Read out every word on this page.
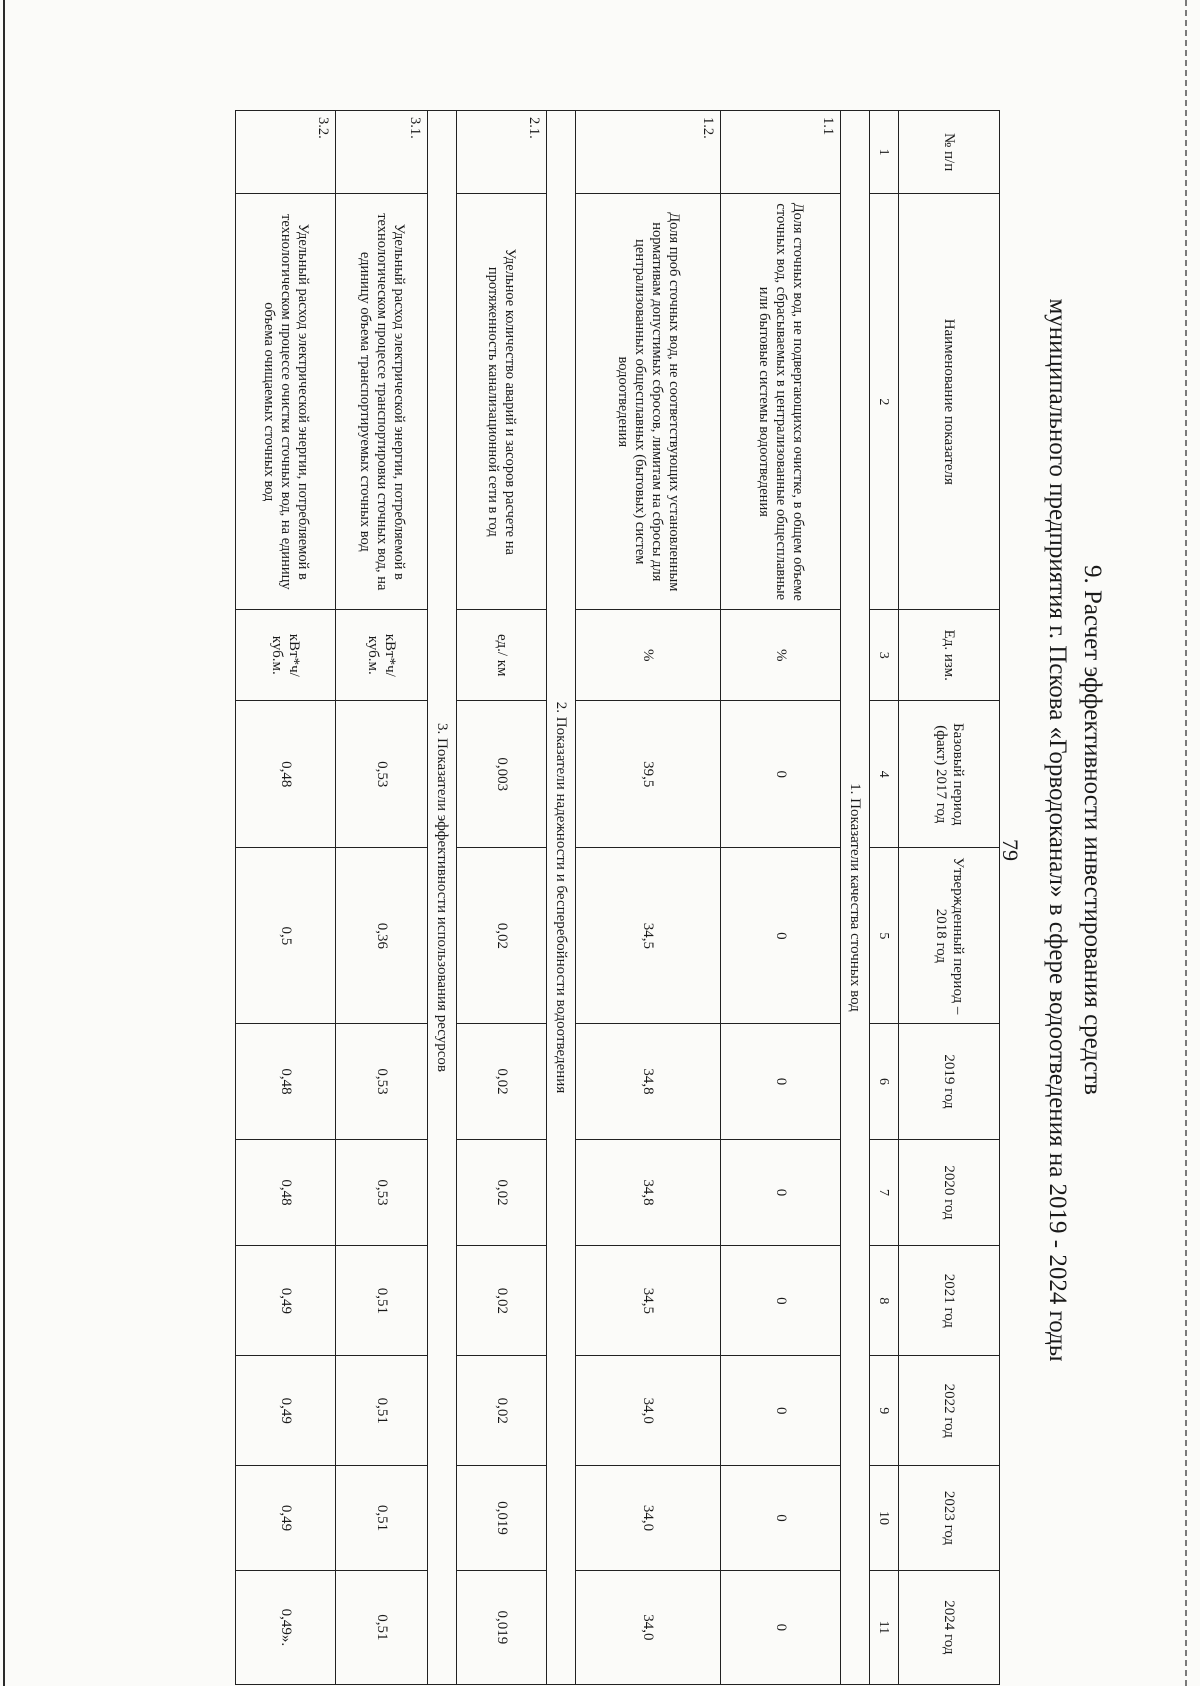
79 9. Расчет эффективности инвестирования средств
муниципального предприятия г. Пскова «Горводоканал» в сфере водоотведения на 2019 - 2024 годы
№ п/п	Наименование показателя	Ед. изм.	Базовый период (факт) 2017 год	Утвержденный период – 2018 год	2019 год	2020 год	2021 год	2022 год	2023 год	2024 год
1	2	3	4	5	6	7	8	9	10	11
1. Показатели качества сточных вод										
1.1	Доля сточных вод, не подвергающихся очистке, в общем объеме сточных вод, сбрасываемых в централизованные общесплавные или бытовые системы водоотведения	%	0	0	0	0	0	0	0	0
1.2.	Доля проб сточных вод, не соответствующих установленным нормативам допустимых сбросов, лимитам на сбросы для централизованных общесплавных (бытовых) систем водоотведения	%	39,5	34,5	34,8	34,8	34,5	34,0	34,0	34,0
2. Показатели надежности и бесперебойности водоотведения										
2.1.	Удельное количество аварий и засоров расчете на протяженность канализационной сети в год	ед./ км	0,003	0,02	0,02	0,02	0,02	0,02	0,019	0,019
3. Показатели эффективности использования ресурсов										
3.1.	Удельный расход электрической энергии, потребляемой в технологическом процессе транспортировки сточных вод, на единицу объема транспортируемых сточных вод	кВт*ч/ куб.м.	0,53	0,36	0,53	0,53	0,51	0,51	0,51	0,51
3.2.	Удельный расход электрической энергии, потребляемой в технологическом процессе очистки сточных вод, на единицу объема очищаемых сточных вод	кВт*ч/ куб.м.	0,48	0,5	0,48	0,48	0,49	0,49	0,49	0,49».
